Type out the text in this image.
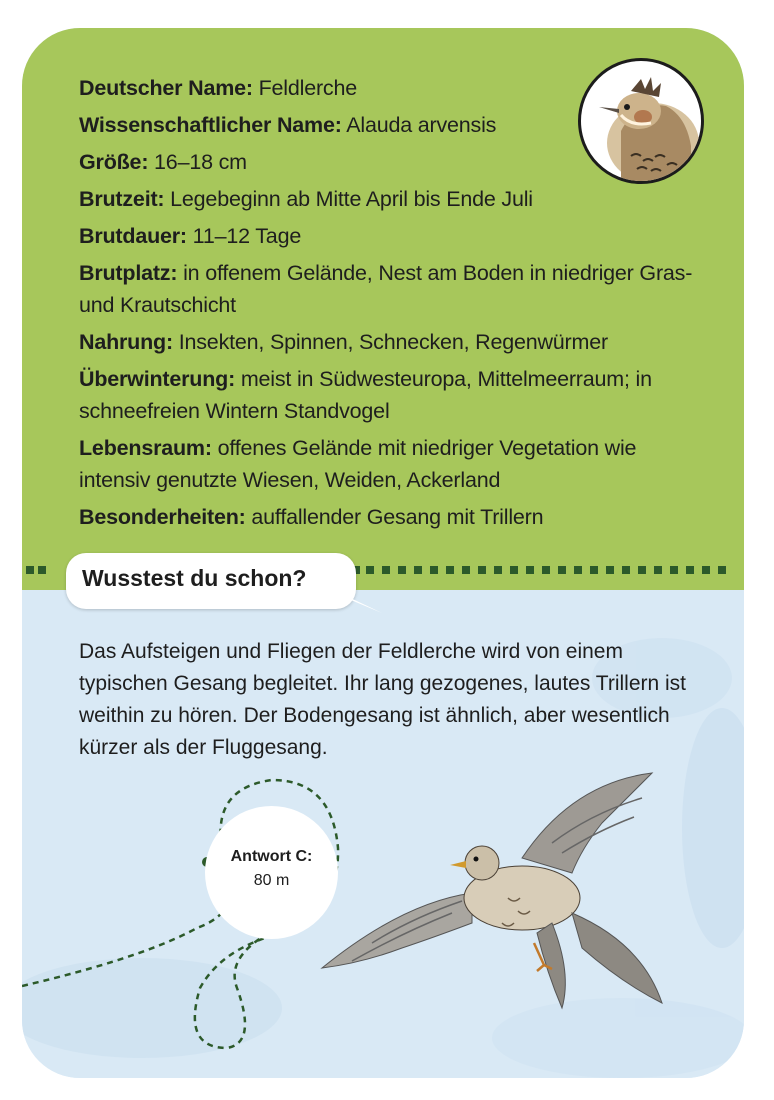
Deutscher Name: Feldlerche
Wissenschaftlicher Name: Alauda arvensis
Größe: 16–18 cm
Brutzeit: Legebeginn ab Mitte April bis Ende Juli
Brutdauer: 11–12 Tage
Brutplatz: in offenem Gelände, Nest am Boden in niedriger Gras- und Krautschicht
Nahrung: Insekten, Spinnen, Schnecken, Regenwürmer
Überwinterung: meist in Südwesteuropa, Mittelmeerraum; in schneefreien Wintern Standvogel
Lebensraum: offenes Gelände mit niedriger Vegetation wie intensiv genutzte Wiesen, Weiden, Ackerland
Besonderheiten: auffallender Gesang mit Trillern
Wusstest du schon?
Das Aufsteigen und Fliegen der Feldlerche wird von einem typischen Gesang begleitet. Ihr lang gezogenes, lautes Trillern ist weithin zu hören. Der Bodengesang ist ähnlich, aber wesentlich kürzer als der Fluggesang.
Antwort C:
80 m
